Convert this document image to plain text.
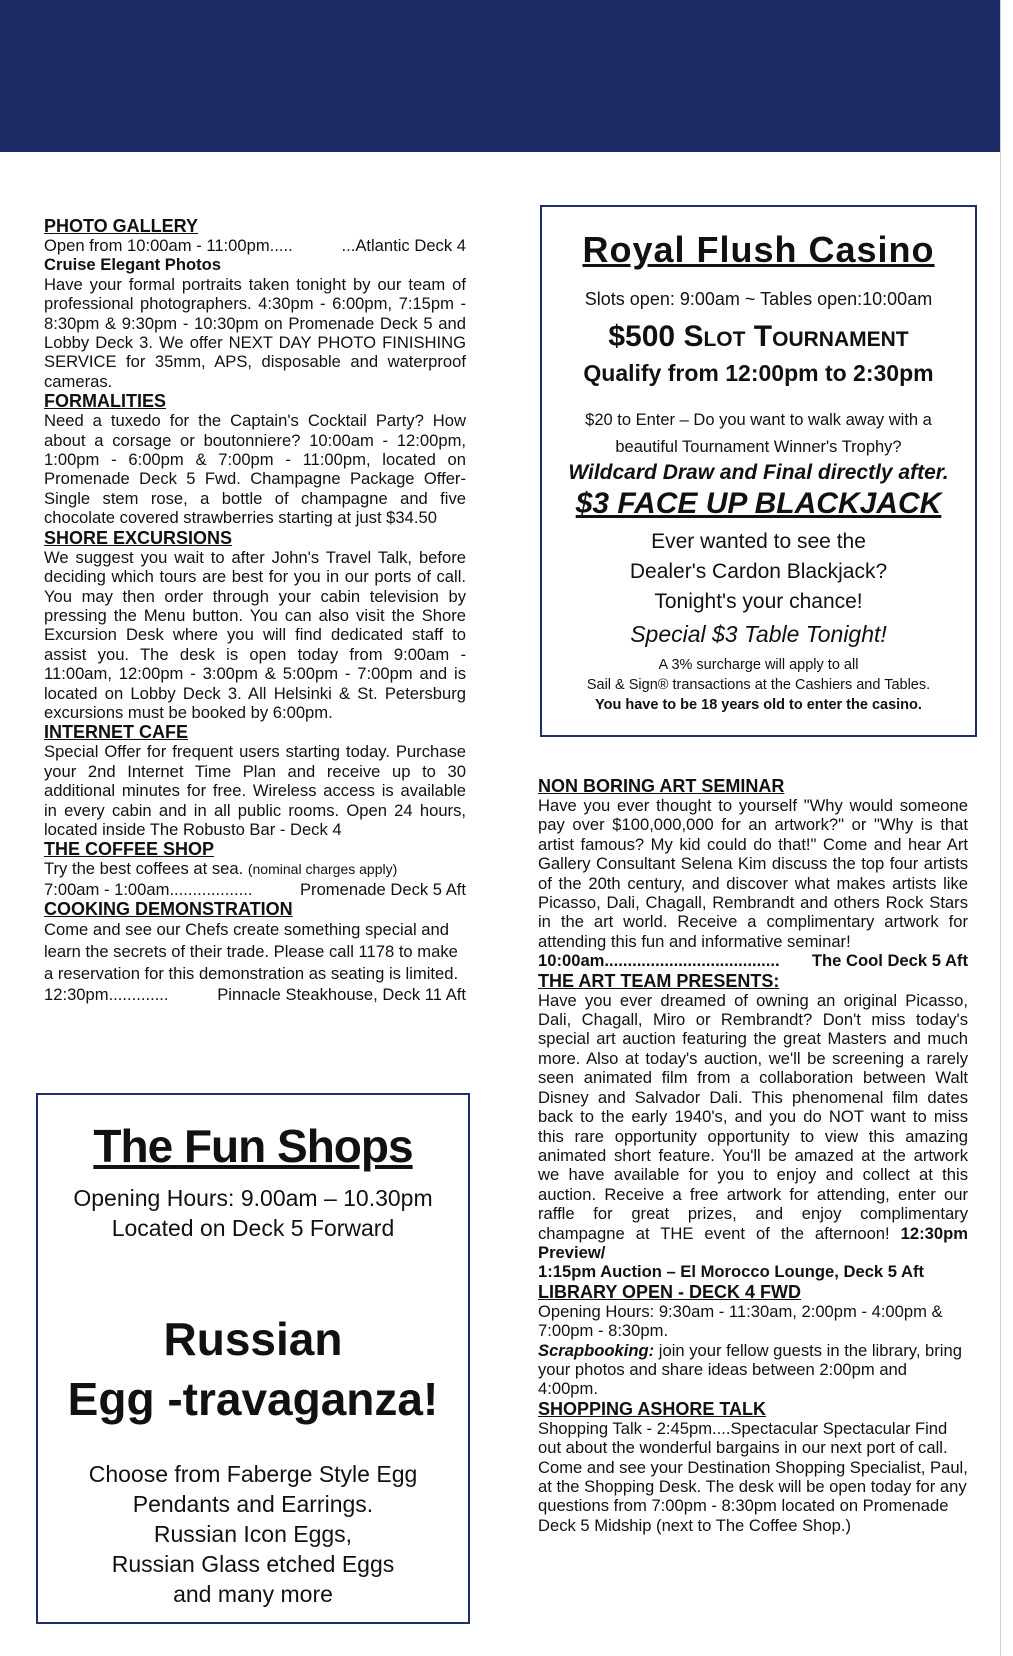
PHOTO GALLERY
Open from 10:00am - 11:00pm.....	...Atlantic Deck 4
Cruise Elegant Photos

Have your formal portraits taken tonight by our team of professional photographers. 4:30pm - 6:00pm, 7:15pm - 8:30pm & 9:30pm - 10:30pm on Promenade Deck 5 and Lobby Deck 3. We offer NEXT DAY PHOTO FINISHING SERVICE for 35mm, APS, disposable and waterproof cameras.

FORMALITIES

Need a tuxedo for the Captain's Cocktail Party? How about a corsage or boutonniere? 10:00am - 12:00pm, 1:00pm - 6:00pm & 7:00pm - 11:00pm, located on Promenade Deck 5 Fwd. Champagne Package Offer- Single stem rose, a bottle of champagne and five chocolate covered strawberries starting at just $34.50

SHORE EXCURSIONS

We suggest you wait to after John's Travel Talk, before deciding which tours are best for you in our ports of call. You may then order through your cabin television by pressing the Menu button. You can also visit the Shore Excursion Desk where you will find dedicated staff to assist you. The desk is open today from 9:00am - 11:00am, 12:00pm - 3:00pm & 5:00pm - 7:00pm and is located on Lobby Deck 3. All Helsinki & St. Petersburg excursions must be booked by 6:00pm.

INTERNET CAFE

Special Offer for frequent users starting today. Purchase your 2nd Internet Time Plan and receive up to 30 additional minutes for free. Wireless access is available in every cabin and in all public rooms. Open 24 hours, located inside The Robusto Bar - Deck 4

THE COFFEE SHOP
Try the best coffees at sea. (nominal charges apply)
7:00am - 1:00am..................	Promenade Deck 5 Aft
COOKING DEMONSTRATION

Come and see our Chefs create something special and learn the secrets of their trade. Please call 1178 to make a reservation for this demonstration as seating is limited.

12:30pm.............	Pinnacle Steakhouse, Deck 11 Aft
The Fun Shops
Opening Hours: 9.00am – 10.30pm
Located on Deck 5 Forward
Russian
Egg -travaganza!
Choose from Faberge Style Egg
Pendants and Earrings.
Russian Icon Eggs,
Russian Glass etched Eggs
and many more
Royal Flush Casino
Slots open: 9:00am ~ Tables open:10:00am
$500 Slot Tournament
Qualify from 12:00pm to 2:30pm
$20 to Enter – Do you want to walk away with a
beautiful Tournament Winner's Trophy?
Wildcard Draw and Final directly after.
$3 FACE UP BLACKJACK
Ever wanted to see the
Dealer's Cardon Blackjack?
Tonight's your chance!
Special $3 Table Tonight!
A 3% surcharge will apply to all
Sail & Sign® transactions at the Cashiers and Tables.
You have to be 18 years old to enter the casino.
NON BORING ART SEMINAR

Have you ever thought to yourself "Why would someone pay over $100,000,000 for an artwork?" or "Why is that artist famous? My kid could do that!" Come and hear Art Gallery Consultant Selena Kim discuss the top four artists of the 20th century, and discover what makes artists like Picasso, Dali, Chagall, Rembrandt and others Rock Stars in the art world. Receive a complimentary artwork for attending this fun and informative seminar!

10:00am...................................... The Cool Deck 5 Aft
THE ART TEAM PRESENTS:

Have you ever dreamed of owning an original Picasso, Dali, Chagall, Miro or Rembrandt? Don't miss today's special art auction featuring the great Masters and much more. Also at today's auction, we'll be screening a rarely seen animated film from a collaboration between Walt Disney and Salvador Dali. This phenomenal film dates back to the early 1940's, and you do NOT want to miss this rare opportunity opportunity to view this amazing animated short feature. You'll be amazed at the artwork we have available for you to enjoy and collect at this auction. Receive a free artwork for attending, enter our raffle for great prizes, and enjoy complimentary champagne at THE event of the afternoon! 12:30pm Preview/

1:15pm Auction – El Morocco Lounge, Deck 5 Aft
LIBRARY OPEN - DECK 4 FWD

Opening Hours: 9:30am - 11:30am, 2:00pm - 4:00pm & 7:00pm - 8:30pm.

Scrapbooking: join your fellow guests in the library, bring your photos and share ideas between 2:00pm and 4:00pm.

SHOPPING ASHORE TALK

Shopping Talk - 2:45pm....Spectacular Spectacular Find out about the wonderful bargains in our next port of call. Come and see your Destination Shopping Specialist, Paul, at the Shopping Desk. The desk will be open today for any questions from 7:00pm - 8:30pm located on Promenade Deck 5 Midship (next to The Coffee Shop.)
